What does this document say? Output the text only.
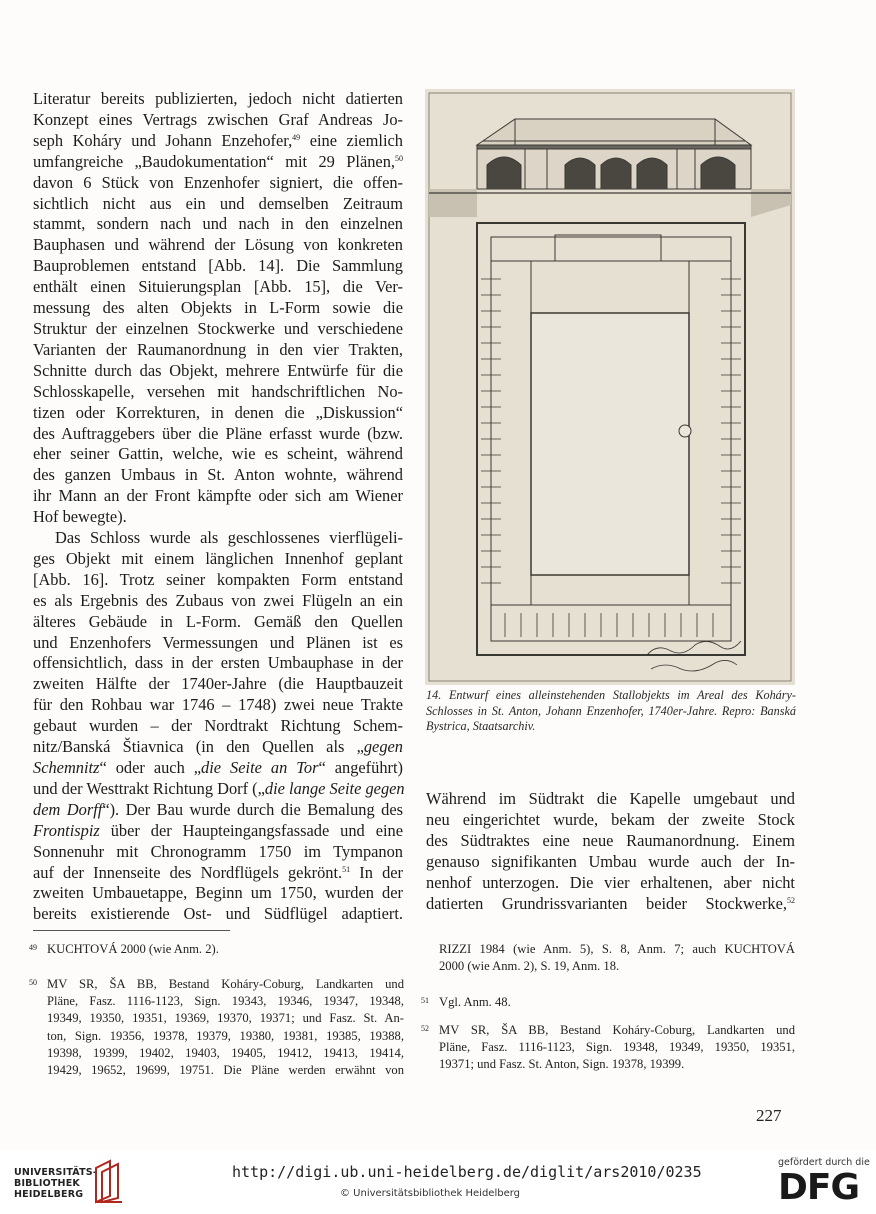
Literatur bereits publizierten, jedoch nicht datierten
Konzept eines Vertrags zwischen Graf Andreas Jo-
seph Koháry und Johann Enzehofer,$^{49}$ eine ziemlich
umfangreiche „Baudokumentation“ mit 29 Plänen,$^{50}$
davon 6 Stück von Enzenhofer signiert, die offen-
sichtlich nicht aus ein und demselben Zeitraum
stammt, sondern nach und nach in den einzelnen
Bauphasen und während der Lösung von konkreten
Bauproblemen entstand [Abb. 14]. Die Sammlung
enthält einen Situierungsplan [Abb. 15], die Ver-
messung des alten Objekts in L-Form sowie die
Struktur der einzelnen Stockwerke und verschiedene
Varianten der Raumanordnung in den vier Trakten,
Schnitte durch das Objekt, mehrere Entwürfe für die
Schlosskapelle, versehen mit handschriftlichen No-
tizen oder Korrekturen, in denen die „Diskussion“
des Auftraggebers über die Pläne erfasst wurde (bzw.
eher seiner Gattin, welche, wie es scheint, während
des ganzen Umbaus in St. Anton wohnte, während
ihr Mann an der Front kämpfte oder sich am Wiener
Hof bewegte).
Das Schloss wurde als geschlossenes vierflügeli-
ges Objekt mit einem länglichen Innenhof geplant
[Abb. 16]. Trotz seiner kompakten Form entstand
es als Ergebnis des Zubaus von zwei Flügeln an ein
älteres Gebäude in L-Form. Gemäß den Quellen
und Enzenhofers Vermessungen und Plänen ist es
offensichtlich, dass in der ersten Umbauphase in der
zweiten Hälfte der 1740er-Jahre (die Hauptbauzeit
für den Rohbau war 1746 – 1748) zwei neue Trakte
gebaut wurden – der Nordtrakt Richtung Schem-
nitz/Banská Štiavnica (in den Quellen als „gegen
Schemnitz“ oder auch „die Seite an Tor“ angeführt)
und der Westtrakt Richtung Dorf („die lange Seite gegen
dem Dorff“). Der Bau wurde durch die Bemalung des
Frontispiz über der Haupteingangsfassade und eine
Sonnenuhr mit Chronogramm 1750 im Tympanon
auf der Innenseite des Nordflügels gekrönt.$^{51}$ In der
zweiten Umbauetappe, Beginn um 1750, wurden der
bereits existierende Ost- und Südflügel adaptiert.
14. Entwurf eines alleinstehenden Stallobjekts im Areal des Koháry-
Schlosses in St. Anton, Johann Enzenhofer, 1740er-Jahre. Repro: Banská
Bystrica, Staatsarchiv.
Während im Südtrakt die Kapelle umgebaut und
neu eingerichtet wurde, bekam der zweite Stock
des Südtraktes eine neue Raumanordnung. Einem
genauso signifikanten Umbau wurde auch der In-
nenhof unterzogen. Die vier erhaltenen, aber nicht
datierten Grundrissvarianten beider Stockwerke,$^{52}$
49 KUCHTOVÁ 2000 (wie Anm. 2).
50 MV SR, ŠA BB, Bestand Koháry-Coburg, Landkarten und
Pläne, Fasz. 1116-1123, Sign. 19343, 19346, 19347, 19348,
19349, 19350, 19351, 19369, 19370, 19371; und Fasz. St. An-
ton, Sign. 19356, 19378, 19379, 19380, 19381, 19385, 19388,
19398, 19399, 19402, 19403, 19405, 19412, 19413, 19414,
19429, 19652, 19699, 19751. Die Pläne werden erwähnt von
RIZZI 1984 (wie Anm. 5), S. 8, Anm. 7; auch KUCHTOVÁ
2000 (wie Anm. 2), S. 19, Anm. 18.
51 Vgl. Anm. 48.
52 MV SR, ŠA BB, Bestand Koháry-Coburg, Landkarten und
Pläne, Fasz. 1116-1123, Sign. 19348, 19349, 19350, 19351,
19371; und Fasz. St. Anton, Sign. 19378, 19399.
227
UNIVERSITÄTS-
BIBLIOTHEK
HEIDELBERG
http://digi.ub.uni-heidelberg.de/diglit/ars2010/0235
© Universitätsbibliothek Heidelberg
gefördert durch die
DFG
